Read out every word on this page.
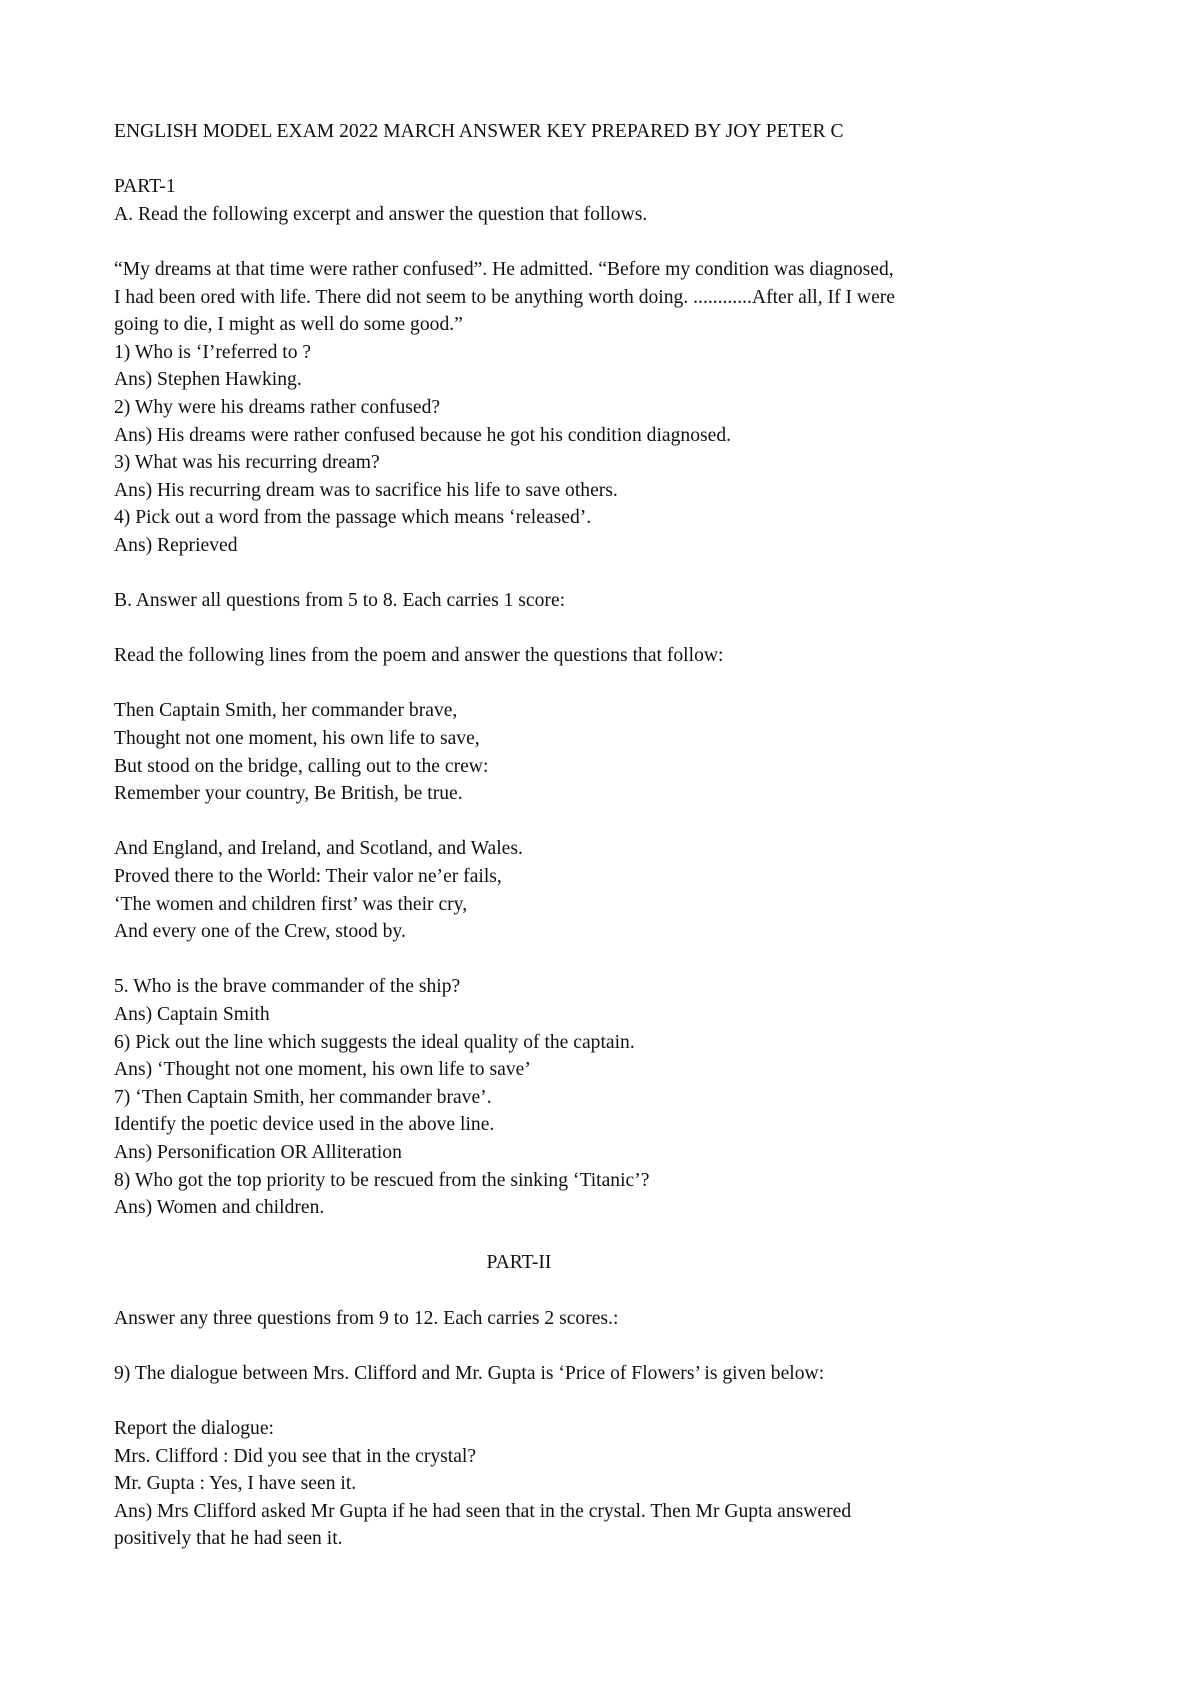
ENGLISH MODEL EXAM 2022 MARCH ANSWER KEY PREPARED BY JOY PETER C
PART-1
A. Read the following excerpt and answer the question that follows.
“My dreams at that time were rather confused”. He admitted. “Before my condition was diagnosed,
I had been ored with life. There did not seem to be anything worth doing. ............After all, If I were
going to die, I might as well do some good.”
1) Who is ‘I’referred to ?
Ans) Stephen Hawking.
2) Why were his dreams rather confused?
Ans) His dreams were rather confused because he got his condition diagnosed.
3) What was his recurring dream?
Ans) His recurring dream was to sacrifice his life to save others.
4) Pick out a word from the passage which means ‘released’.
Ans) Reprieved
B. Answer all questions from 5 to 8. Each carries 1 score:
Read the following lines from the poem and answer the questions that follow:
Then Captain Smith, her commander brave,
Thought not one moment, his own life to save,
But stood on the bridge, calling out to the crew:
Remember your country, Be British, be true.
And England, and Ireland, and Scotland, and Wales.
Proved there to the World: Their valor ne’er fails,
‘The women and children first’ was their cry,
And every one of the Crew, stood by.
5. Who is the brave commander of the ship?
Ans) Captain Smith
6) Pick out the line which suggests the ideal quality of the captain.
Ans) ‘Thought not one moment, his own life to save’
7) ‘Then Captain Smith, her commander brave’.
Identify the poetic device used in the above line.
Ans) Personification OR Alliteration
8) Who got the top priority to be rescued from the sinking ‘Titanic’?
Ans) Women and children.
PART-II
Answer any three questions from 9 to 12. Each carries 2 scores.:
9) The dialogue between Mrs. Clifford and Mr. Gupta is ‘Price of Flowers’ is given below:
Report the dialogue:
Mrs. Clifford : Did you see that in the crystal?
Mr. Gupta : Yes, I have seen it.
Ans) Mrs Clifford asked Mr Gupta if he had seen that in the crystal. Then Mr Gupta answered
positively that he had seen it.
